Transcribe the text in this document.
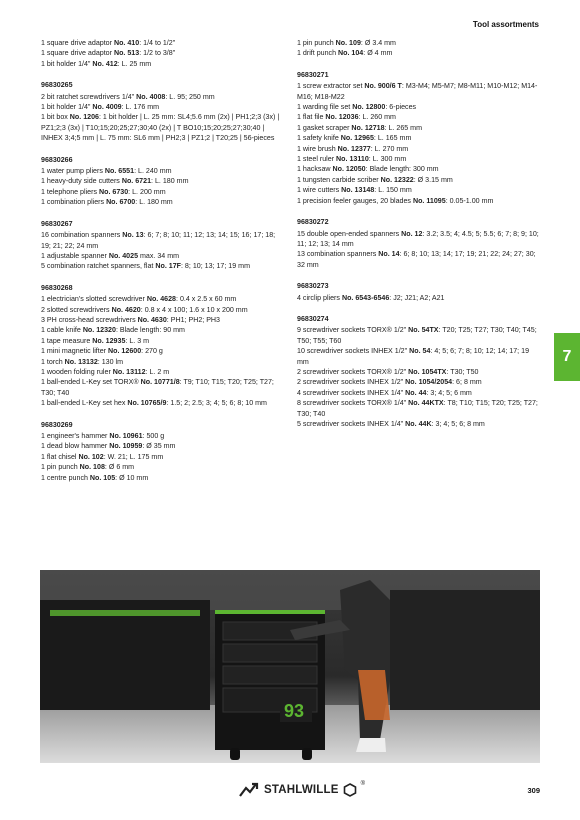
Tool assortments
1 square drive adaptor No. 410: 1/4 to 1/2"
1 square drive adaptor No. 513: 1/2 to 3/8"
1 bit holder 1/4" No. 412: L. 25 mm
96830265
2 bit ratchet screwdrivers 1/4" No. 4008: L. 95; 250 mm
1 bit holder 1/4" No. 4009: L. 176 mm
1 bit box No. 1206: 1 bit holder | L. 25 mm: SL4;5.6 mm (2x) | PH1;2;3 (3x) | PZ1;2;3 (3x) | T10;15;20;25;27;30;40 (2x) | T BO10;15;20;25;27;30;40 | INHEX 3;4;5 mm | L. 75 mm: SL6 mm | PH2;3 | PZ1;2 | T20;25 | 56-pieces
96830266
1 water pump pliers No. 6551: L. 240 mm
1 heavy-duty side cutters No. 6721: L. 180 mm
1 telephone pliers No. 6730: L. 200 mm
1 combination pliers No. 6700: L. 180 mm
96830267
16 combination spanners No. 13: 6; 7; 8; 10; 11; 12; 13; 14; 15; 16; 17; 18; 19; 21; 22; 24 mm
1 adjustable spanner No. 4025 max. 34 mm
5 combination ratchet spanners, flat No. 17F: 8; 10; 13; 17; 19 mm
96830268
1 electrician's slotted screwdriver No. 4628: 0.4 x 2.5 x 60 mm
2 slotted screwdrivers No. 4620: 0.8 x 4 x 100; 1.6 x 10 x 200 mm
3 PH cross-head screwdrivers No. 4630: PH1; PH2; PH3
1 cable knife No. 12320: Blade length: 90 mm
1 tape measure No. 12935: L. 3 m
1 mini magnetic lifter No. 12600: 270 g
1 torch No. 13132: 130 lm
1 wooden folding ruler No. 13112: L. 2 m
1 ball-ended L-Key set TORX® No. 10771/8: T9; T10; T15; T20; T25; T27; T30; T40
1 ball-ended L-Key set hex No. 10765/9: 1.5; 2; 2.5; 3; 4; 5; 6; 8; 10 mm
96830269
1 engineer's hammer No. 10961: 500 g
1 dead blow hammer No. 10959: Ø 35 mm
1 flat chisel No. 102: W. 21; L. 175 mm
1 pin punch No. 108: Ø 6 mm
1 centre punch No. 105: Ø 10 mm
1 pin punch No. 109: Ø 3.4 mm
1 drift punch No. 104: Ø 4 mm
96830271
1 screw extractor set No. 900/6 T: M3-M4; M5-M7; M8-M11; M10-M12; M14-M16; M18-M22
1 warding file set No. 12800: 6-pieces
1 flat file No. 12036: L. 260 mm
1 gasket scraper No. 12718: L. 265 mm
1 safety knife No. 12965: L. 165 mm
1 wire brush No. 12377: L. 270 mm
1 steel ruler No. 13110: L. 300 mm
1 hacksaw No. 12050: Blade length: 300 mm
1 tungsten carbide scriber No. 12322: Ø 3.15 mm
1 wire cutters No. 13148: L. 150 mm
1 precision feeler gauges, 20 blades No. 11095: 0.05-1.00 mm
96830272
15 double open-ended spanners No. 12: 3.2; 3.5; 4; 4.5; 5; 5.5; 6; 7; 8; 9; 10; 11; 12; 13; 14 mm
13 combination spanners No. 14: 6; 8; 10; 13; 14; 17; 19; 21; 22; 24; 27; 30; 32 mm
96830273
4 circlip pliers No. 6543-6546: J2; J21; A2; A21
96830274
9 screwdriver sockets TORX® 1/2" No. 54TX: T20; T25; T27; T30; T40; T45; T50; T55; T60
10 screwdriver sockets INHEX 1/2" No. 54: 4; 5; 6; 7; 8; 10; 12; 14; 17; 19 mm
2 screwdriver sockets TORX® 1/2" No. 1054TX: T30; T50
2 screwdriver sockets INHEX 1/2" No. 1054/2054: 6; 8 mm
4 screwdriver sockets INHEX 1/4" No. 44: 3; 4; 5; 6 mm
8 screwdriver sockets TORX® 1/4" No. 44KTX: T8; T10; T15; T20; T25; T27; T30; T40
5 screwdriver sockets INHEX 1/4" No. 44K: 3; 4; 5; 6; 8 mm
7
93
STAHLWILLE	®
309
